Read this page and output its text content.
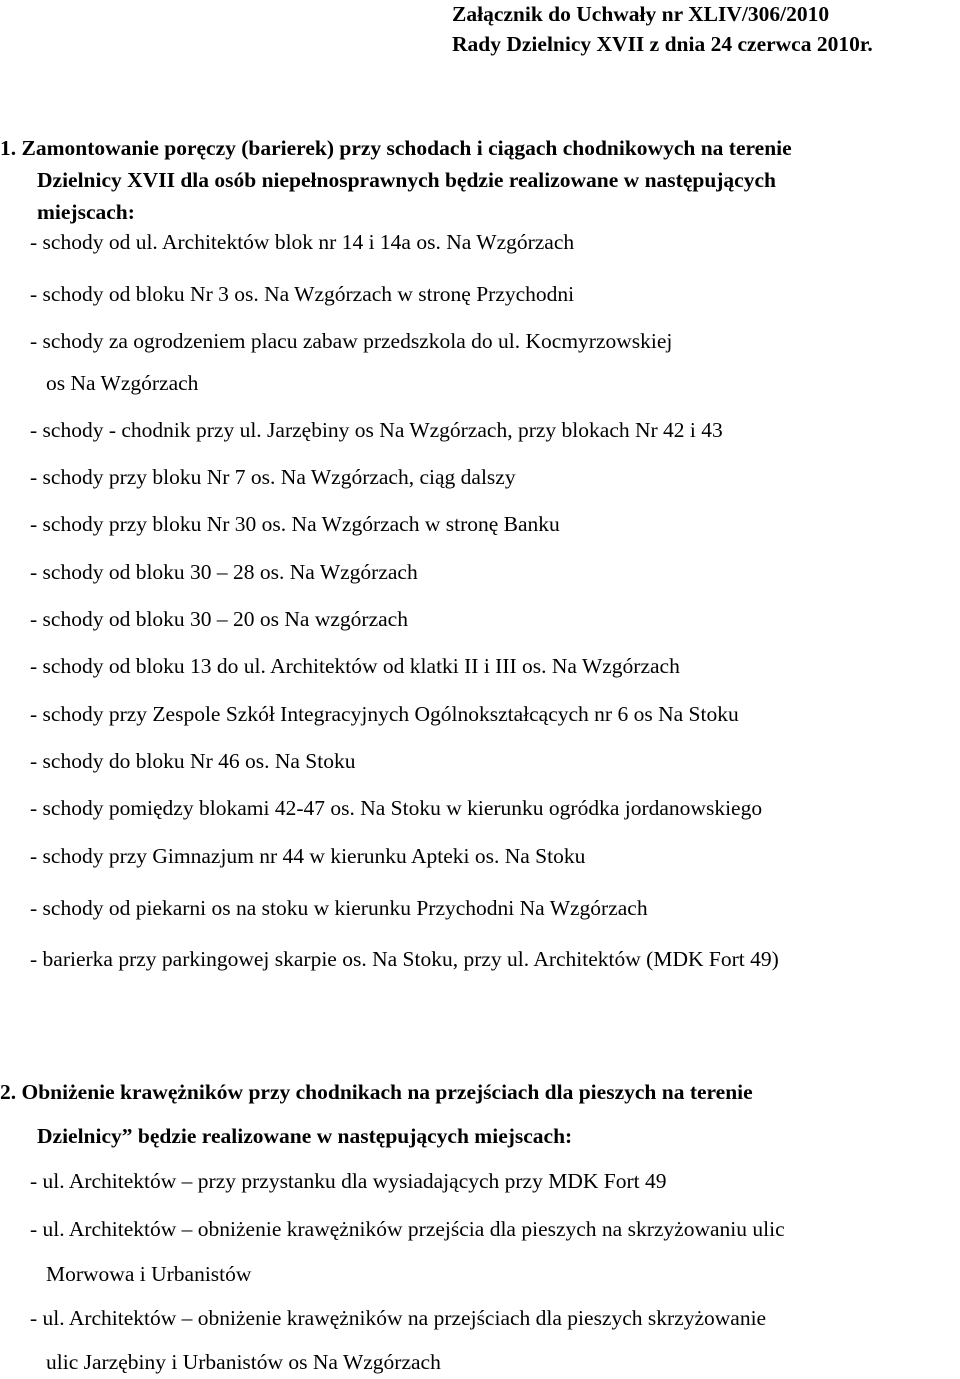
Załącznik do Uchwały nr XLIV/306/2010
Rady Dzielnicy XVII z dnia 24 czerwca 2010r.
1. Zamontowanie poręczy (barierek) przy schodach i ciągach chodnikowych na terenie
Dzielnicy XVII dla osób niepełnosprawnych będzie realizowane w następujących
miejscach:
- schody od ul. Architektów blok nr 14 i 14a os. Na Wzgórzach
- schody od bloku Nr 3 os. Na Wzgórzach w stronę Przychodni
- schody za ogrodzeniem placu zabaw przedszkola do ul. Kocmyrzowskiej
os Na Wzgórzach
- schody - chodnik przy ul. Jarzębiny os Na Wzgórzach, przy blokach Nr 42 i 43
- schody przy bloku Nr 7 os. Na Wzgórzach, ciąg dalszy
- schody przy bloku Nr 30 os. Na Wzgórzach w stronę Banku
- schody od bloku 30 – 28 os. Na Wzgórzach
- schody od bloku 30 – 20 os Na wzgórzach
- schody od bloku 13 do ul. Architektów od klatki II i III os. Na Wzgórzach
- schody przy Zespole Szkół Integracyjnych Ogólnokształcących nr 6 os Na Stoku
- schody do bloku Nr 46 os. Na Stoku
- schody pomiędzy blokami 42-47 os. Na Stoku w kierunku ogródka jordanowskiego
- schody przy Gimnazjum nr 44 w kierunku Apteki os. Na Stoku
- schody od piekarni os na stoku w kierunku Przychodni Na Wzgórzach
- barierka przy parkingowej skarpie os. Na Stoku, przy ul. Architektów (MDK Fort 49)
2. Obniżenie krawężników przy chodnikach na przejściach dla pieszych na terenie
Dzielnicy” będzie realizowane w następujących miejscach:
- ul. Architektów – przy przystanku dla wysiadających przy MDK Fort 49
- ul. Architektów – obniżenie krawężników przejścia dla pieszych na skrzyżowaniu ulic
Morwowa i Urbanistów
- ul. Architektów – obniżenie krawężników na przejściach dla pieszych skrzyżowanie
ulic Jarzębiny i Urbanistów os Na Wzgórzach
